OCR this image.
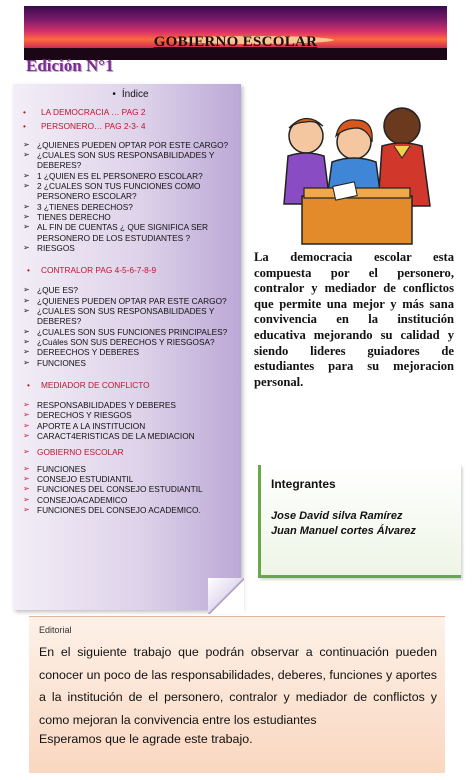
GOBIERNO ESCOLAR
Edición N°1
• Índice
• LA DEMOCRACIA … PAG 2
• PERSONERO… PAG 2-3- 4
➢ ¿QUIENES PUEDEN OPTAR POR ESTE CARGO?
➢ ¿CUALES SON SUS RESPONSABILIDADES Y DEBERES?
➢ 1 ¿QUIEN ES EL PERSONERO ESCOLAR?
➢ 2 ¿CUALES SON TUS FUNCIONES COMO PERSONERO ESCOLAR?
➢ 3 ¿TIENES DERECHOS?
➢ TIENES DERECHO
➢ AL FIN DE CUENTAS ¿ QUE SIGNIFICA SER PERSONERO DE LOS ESTUDIANTES ?
➢ RIESGOS
• CONTRALOR PAG 4-5-6-7-8-9
➢ ¿QUE ES?
➢ ¿QUIENES PUEDEN OPTAR PAR ESTE CARGO?
➢ ¿CUALES SON SUS RESPONSABILIDADES Y DEBERES?
➢ ¿CUALES SON SUS FUNCIONES PRINCIPALES?
➢ ¿Cuáles SON SUS DERECHOS Y RIESGOSA?
➢ DEREECHOS Y DEBERES
➢ FUNCIONES
• MEDIADOR DE CONFLICTO
➢ RESPONSABILIDADES Y DEBERES
➢ DERECHOS Y RIESGOS
➢ APORTE A LA INSTITUCION
➢ CARACT4ERISTICAS DE LA MEDIACION
➢ GOBIERNO ESCOLAR
➢ FUNCIONES
➢ CONSEJO ESTUDIANTIL
➢ FUNCIONES DEL CONSEJO ESTUDIANTIL
➢ CONSEJOACADEMICO
➢ FUNCIONES DEL CONSEJO ACADEMICO.
La democracia escolar esta compuesta por el personero, contralor y mediador de conflictos que permite una mejor y más sana convivencia en la institución educativa mejorando su calidad y siendo lideres guiadores de estudiantes para su mejoracion personal.
Integrantes
Jose David silva Ramírez
Juan Manuel cortes Álvarez
Editorial
En el siguiente trabajo que podrán observar a continuación pueden conocer un poco de las responsabilidades, deberes, funciones y aportes a la institución de el personero, contralor y mediador de conflictos y como mejoran la convivencia entre los estudiantes
Esperamos que le agrade este trabajo.
